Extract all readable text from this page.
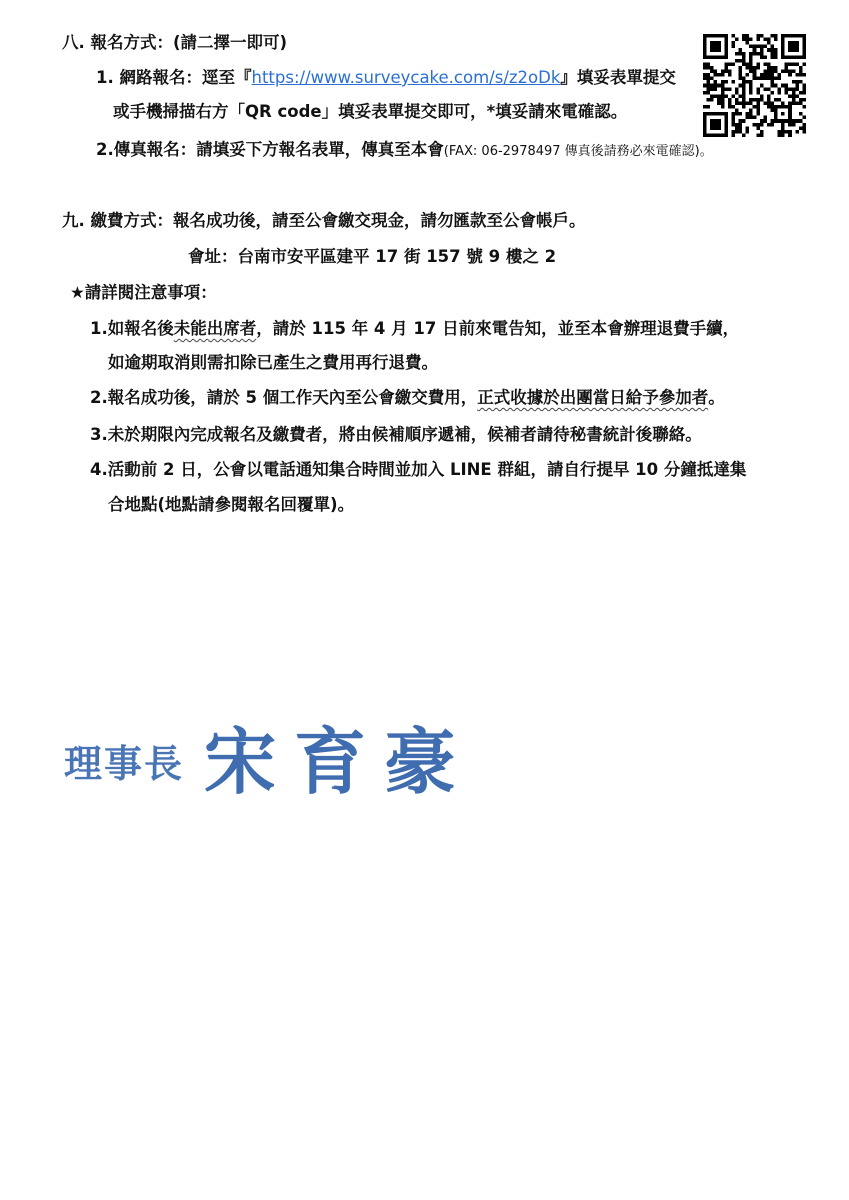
八. 報名方式：(請二擇一即可)
1. 網路報名：逕至『https://www.surveycake.com/s/z2oDk』填妥表單提交
或手機掃描右方「QR code」填妥表單提交即可，*填妥請來電確認。
2.傳真報名：請填妥下方報名表單，傳真至本會(FAX: 06-2978497 傳真後請務必來電確認)。
九. 繳費方式：報名成功後，請至公會繳交現金，請勿匯款至公會帳戶。
會址：台南市安平區建平 17 街 157 號 9 樓之 2
★請詳閱注意事項：
1.如報名後未能出席者，請於 115 年 4 月 17 日前來電告知，並至本會辦理退費手續，
如逾期取消則需扣除已產生之費用再行退費。
2.報名成功後，請於 5 個工作天內至公會繳交費用，正式收據於出團當日給予參加者。
3.未於期限內完成報名及繳費者，將由候補順序遞補，候補者請待秘書統計後聯絡。
4.活動前 2 日，公會以電話通知集合時間並加入 LINE 群組，請自行提早 10 分鐘抵達集
合地點(地點請參閱報名回覆單)。
理事長 宋育豪
